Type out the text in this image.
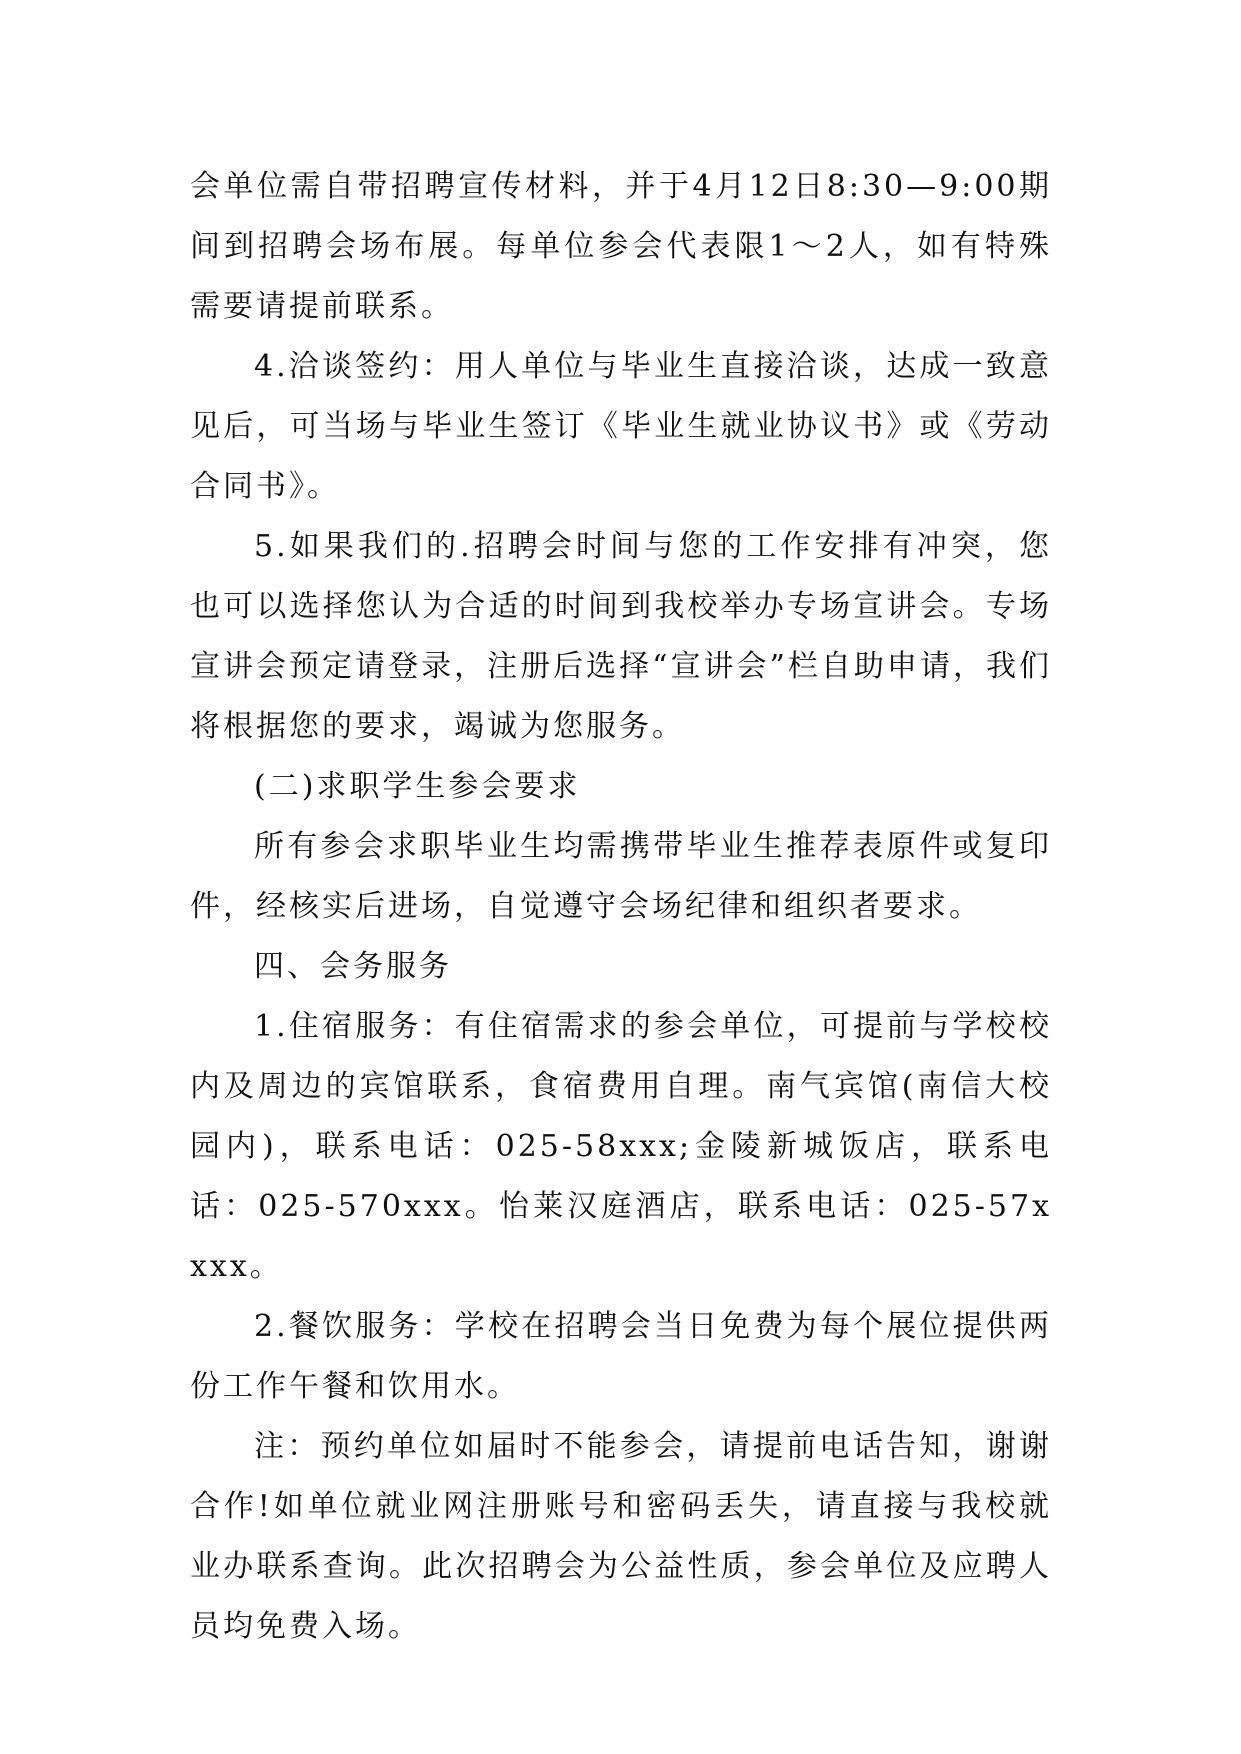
会单位需自带招聘宣传材料，并于4月12日8:30—9:00期间到招聘会场布展。每单位参会代表限1～2人，如有特殊需要请提前联系。

4.洽谈签约：用人单位与毕业生直接洽谈，达成一致意见后，可当场与毕业生签订《毕业生就业协议书》或《劳动合同书》。

5.如果我们的.招聘会时间与您的工作安排有冲突，您也可以选择您认为合适的时间到我校举办专场宣讲会。专场宣讲会预定请登录，注册后选择“宣讲会”栏自助申请，我们将根据您的要求，竭诚为您服务。

(二)求职学生参会要求

所有参会求职毕业生均需携带毕业生推荐表原件或复印件，经核实后进场，自觉遵守会场纪律和组织者要求。

四、会务服务

1.住宿服务：有住宿需求的参会单位，可提前与学校校内及周边的宾馆联系，食宿费用自理。南气宾馆(南信大校园内)，联系电话：025-58xxx;金陵新城饭店，联系电话：025-570xxx。怡莱汉庭酒店，联系电话：025-57xxxx。

2.餐饮服务：学校在招聘会当日免费为每个展位提供两份工作午餐和饮用水。

注：预约单位如届时不能参会，请提前电话告知，谢谢合作!如单位就业网注册账号和密码丢失，请直接与我校就业办联系查询。此次招聘会为公益性质，参会单位及应聘人员均免费入场。
